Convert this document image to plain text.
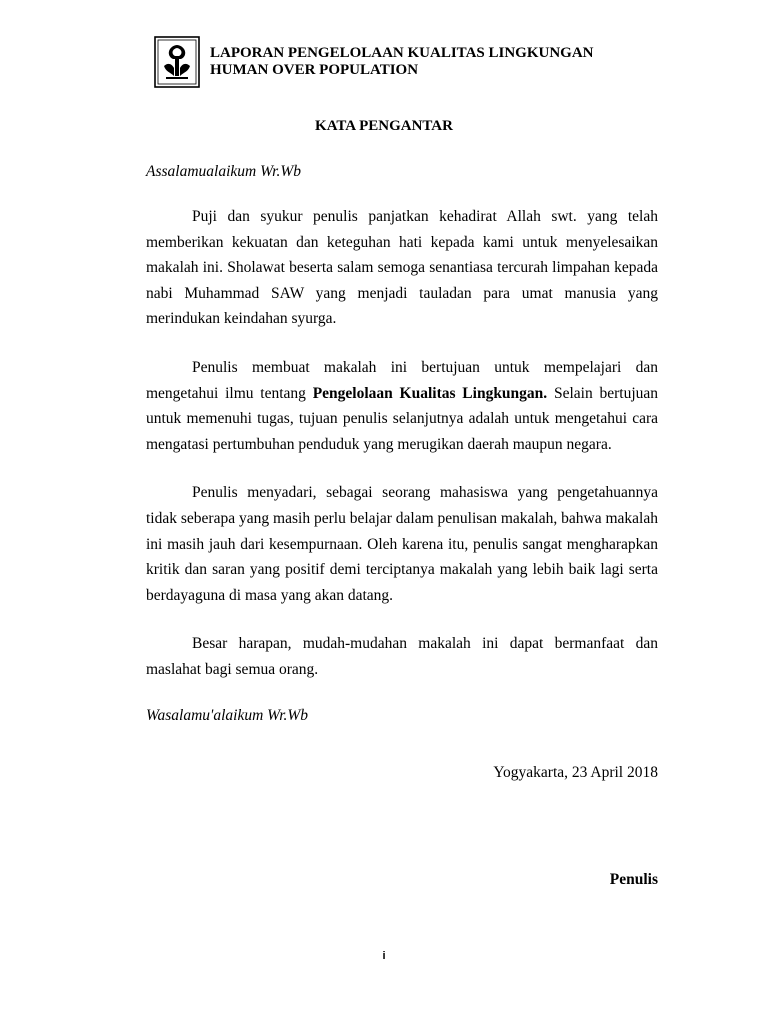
LAPORAN PENGELOLAAN KUALITAS LINGKUNGAN
HUMAN OVER POPULATION
KATA PENGANTAR
Assalamualaikum Wr.Wb

Puji dan syukur penulis panjatkan kehadirat Allah swt. yang telah memberikan kekuatan dan keteguhan hati kepada kami untuk menyelesaikan makalah ini. Sholawat beserta salam semoga senantiasa tercurah limpahan kepada nabi Muhammad SAW yang menjadi tauladan para umat manusia yang merindukan keindahan syurga.

Penulis membuat makalah ini bertujuan untuk mempelajari dan mengetahui ilmu tentang Pengelolaan Kualitas Lingkungan. Selain bertujuan untuk memenuhi tugas, tujuan penulis selanjutnya adalah untuk mengetahui cara mengatasi pertumbuhan penduduk yang merugikan daerah maupun negara.

Penulis menyadari, sebagai seorang mahasiswa yang pengetahuannya tidak seberapa yang masih perlu belajar dalam penulisan makalah, bahwa makalah ini masih jauh dari kesempurnaan. Oleh karena itu, penulis sangat mengharapkan kritik dan saran yang positif demi terciptanya makalah yang lebih baik lagi serta berdayaguna di masa yang akan datang.

Besar harapan, mudah-mudahan makalah ini dapat bermanfaat dan maslahat bagi semua orang.

Wasalamu'alaikum Wr.Wb
Yogyakarta, 23 April 2018
Penulis
i
